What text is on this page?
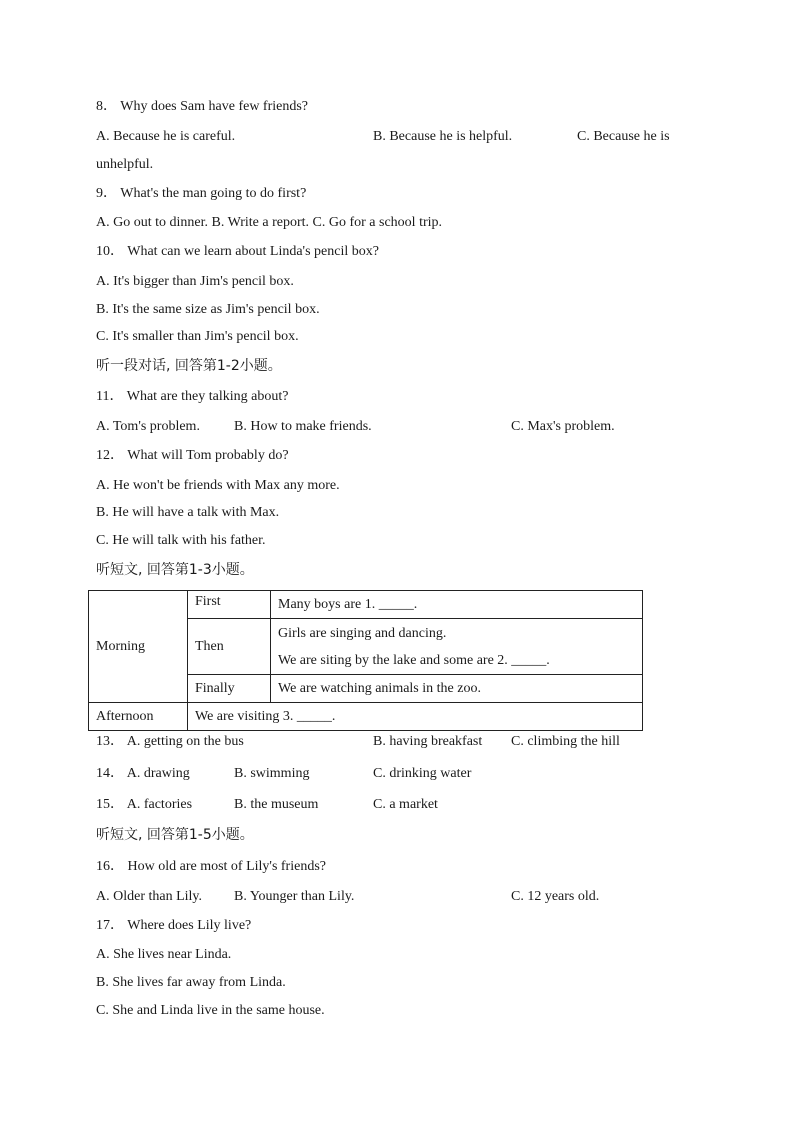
8． Why does Sam have few friends?
A. Because he is careful.	B. Because he is helpful.	C. Because he is
unhelpful.
9． What's the man going to do first?
A. Go out to dinner. B. Write a report. C. Go for a school trip.
10． What can we learn about Linda's pencil box?
A. It's bigger than Jim's pencil box.
B. It's the same size as Jim's pencil box.
C. It's smaller than Jim's pencil box.
听一段对话, 回答第1-2小题。
11． What are they talking about?
A. Tom's problem. B. How to make friends.	C. Max's problem.
12． What will Tom probably do?
A. He won't be friends with Max any more.
B. He will have a talk with Max.
C. He will talk with his father.
听短文, 回答第1-3小题。
Morning	First	Many boys are 1. _____.
	Then	Girls are singing and dancing.
We are siting by the lake and some are 2. _____.

	Finally	We are watching animals in the zoo.
Afternoon	We are visiting 3. _____.	
13． A. getting on the bus	B. having breakfast C. climbing the hill
14． A. drawing	B. swimming	C. drinking water
15． A. factories	B. the museum	C. a market
听短文, 回答第1-5小题。
16． How old are most of Lily's friends?
A. Older than Lily. B. Younger than Lily.	C. 12 years old.
17． Where does Lily live?
A. She lives near Linda.
B. She lives far away from Linda.
C. She and Linda live in the same house.
